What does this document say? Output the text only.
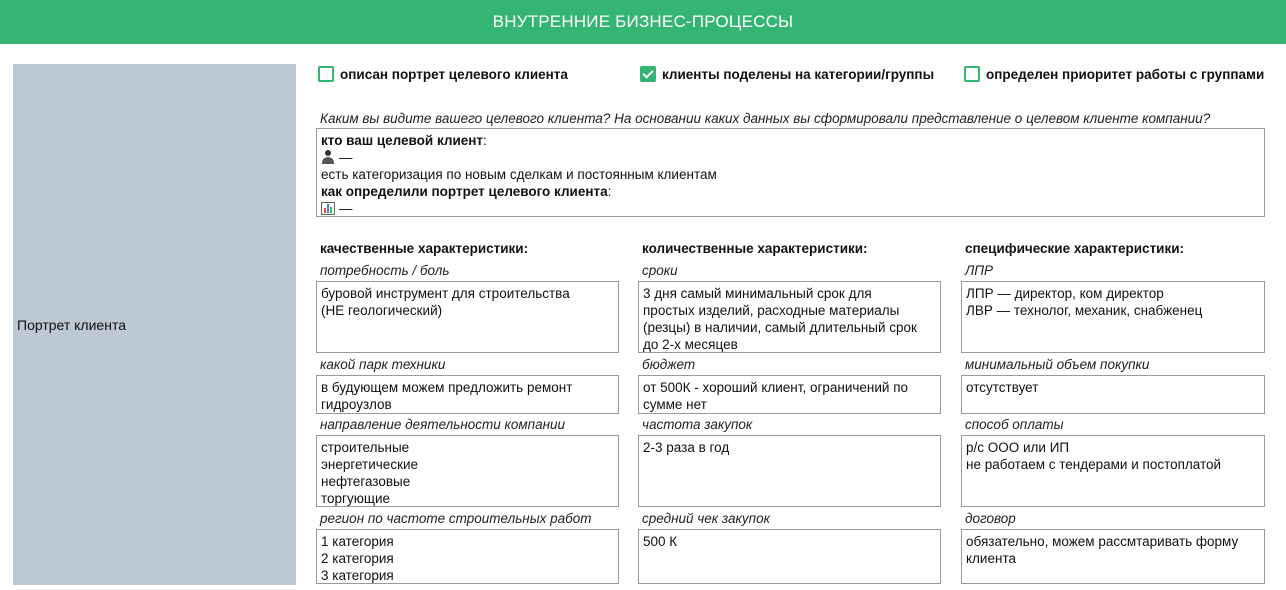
ВНУТРЕННИЕ БИЗНЕС-ПРОЦЕССЫ
Портрет клиента
описан портрет целевого клиента	клиенты поделены на категории/группы	определен приоритет работы с группами
Каким вы видите вашего целевого клиента? На основании каких данных вы сформировали представление о целевом клиенте компании?
кто ваш целевой клиент:
—
есть категоризация по новым сделкам и постоянным клиентам
как определили портрет целевого клиента:
—
качественные характеристики:
потребность / боль
буровой инструмент для строительства
(НЕ геологический)
какой парк техники
в будующем можем предложить ремонт
гидроузлов
направление деятельности компании
строительные
энергетические
нефтегазовые
торгующие
регион по частоте строительных работ
1 категория
2 категория
3 категория
количественные характеристики:
сроки
3 дня самый минимальный срок для
простых изделий, расходные материалы
(резцы) в наличии, самый длительный срок
до 2-х месяцев
бюджет
от 500К - хороший клиент, ограничений по
сумме нет
частота закупок
2-3 раза в год
средний чек закупок
500 К
специфические характеристики:
ЛПР
ЛПР — директор, ком директор
ЛВР — технолог, механик, снабженец
минимальный объем покупки
отсутствует
способ оплаты
р/с ООО или ИП
не работаем с тендерами и постоплатой
договор
обязательно, можем рассмтаривать форму
клиента
